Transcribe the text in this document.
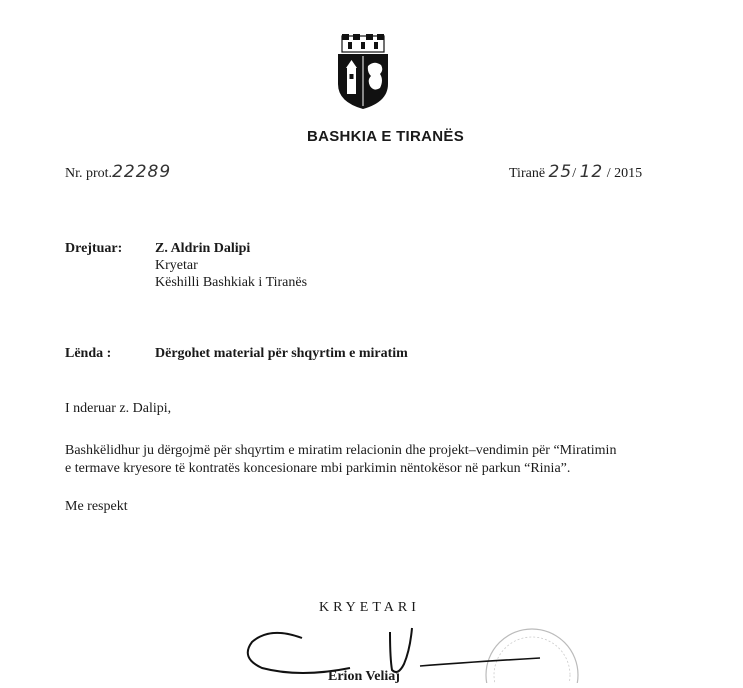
BASHKIA E TIRANËS
Nr. prot.22289	Tiranë 25/ 12 / 2015
Drejtuar: Z. Aldrin Dalipi
Kryetar
Këshilli Bashkiak i Tiranës
Lënda :	Dërgohet material për shqyrtim e miratim
I nderuar z. Dalipi,
Bashkëlidhur ju dërgojmë për shqyrtim e miratim relacionin dhe projekt–vendimin për “Miratimin
e termave kryesore të kontratës koncesionare mbi parkimin nëntokësor në parkun “Rinia”.
Me respekt
KRYETARI
Erion Veliaj
